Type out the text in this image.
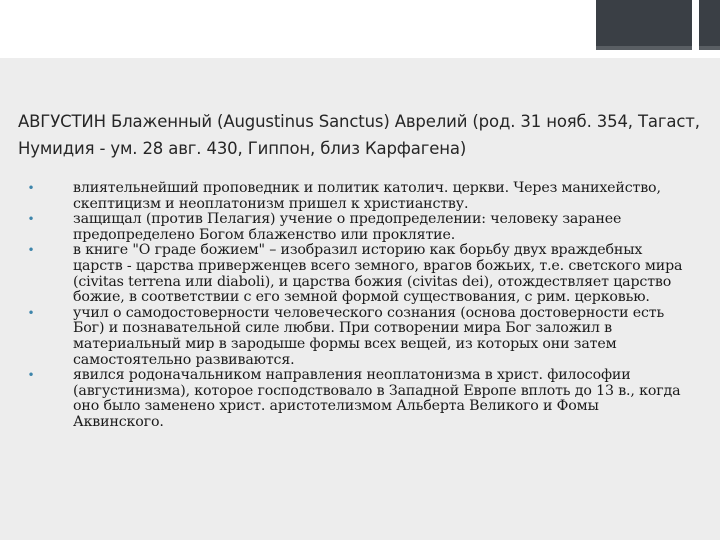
АВГУСТИН Блаженный (Augustinus Sanctus) Аврелий (род. 31 нояб. 354, Тагаст, Нумидия - ум. 28 авг. 430, Гиппон, близ Карфагена)
•	влиятельнейший проповедник и политик католич. церкви. Через манихейство, скептицизм и неоплатонизм пришел к христианству.
•	защищал (против Пелагия) учение о предопределении: человеку заранее предопределено Богом блаженство или проклятие.
•	в книге "О граде божием" – изобразил историю как борьбу двух враждебных царств - царства приверженцев всего земного, врагов божьих, т.е. светского мира (civitas terrena или diaboli), и царства божия (civitas dei), отождествляет царство божие, в соответствии с его земной формой существования, с рим. церковью.
•	учил о самодостоверности человеческого сознания (основа достоверности есть Бог) и познавательной силе любви. При сотворении мира Бог заложил в материальный мир в зародыше формы всех вещей, из которых они затем самостоятельно развиваются.
•	явился родоначальником направления неоплатонизма в христ. философии (августинизма), которое господствовало в Западной Европе вплоть до 13 в., когда оно было заменено христ. аристотелизмом Альберта Великого и Фомы Аквинского.
